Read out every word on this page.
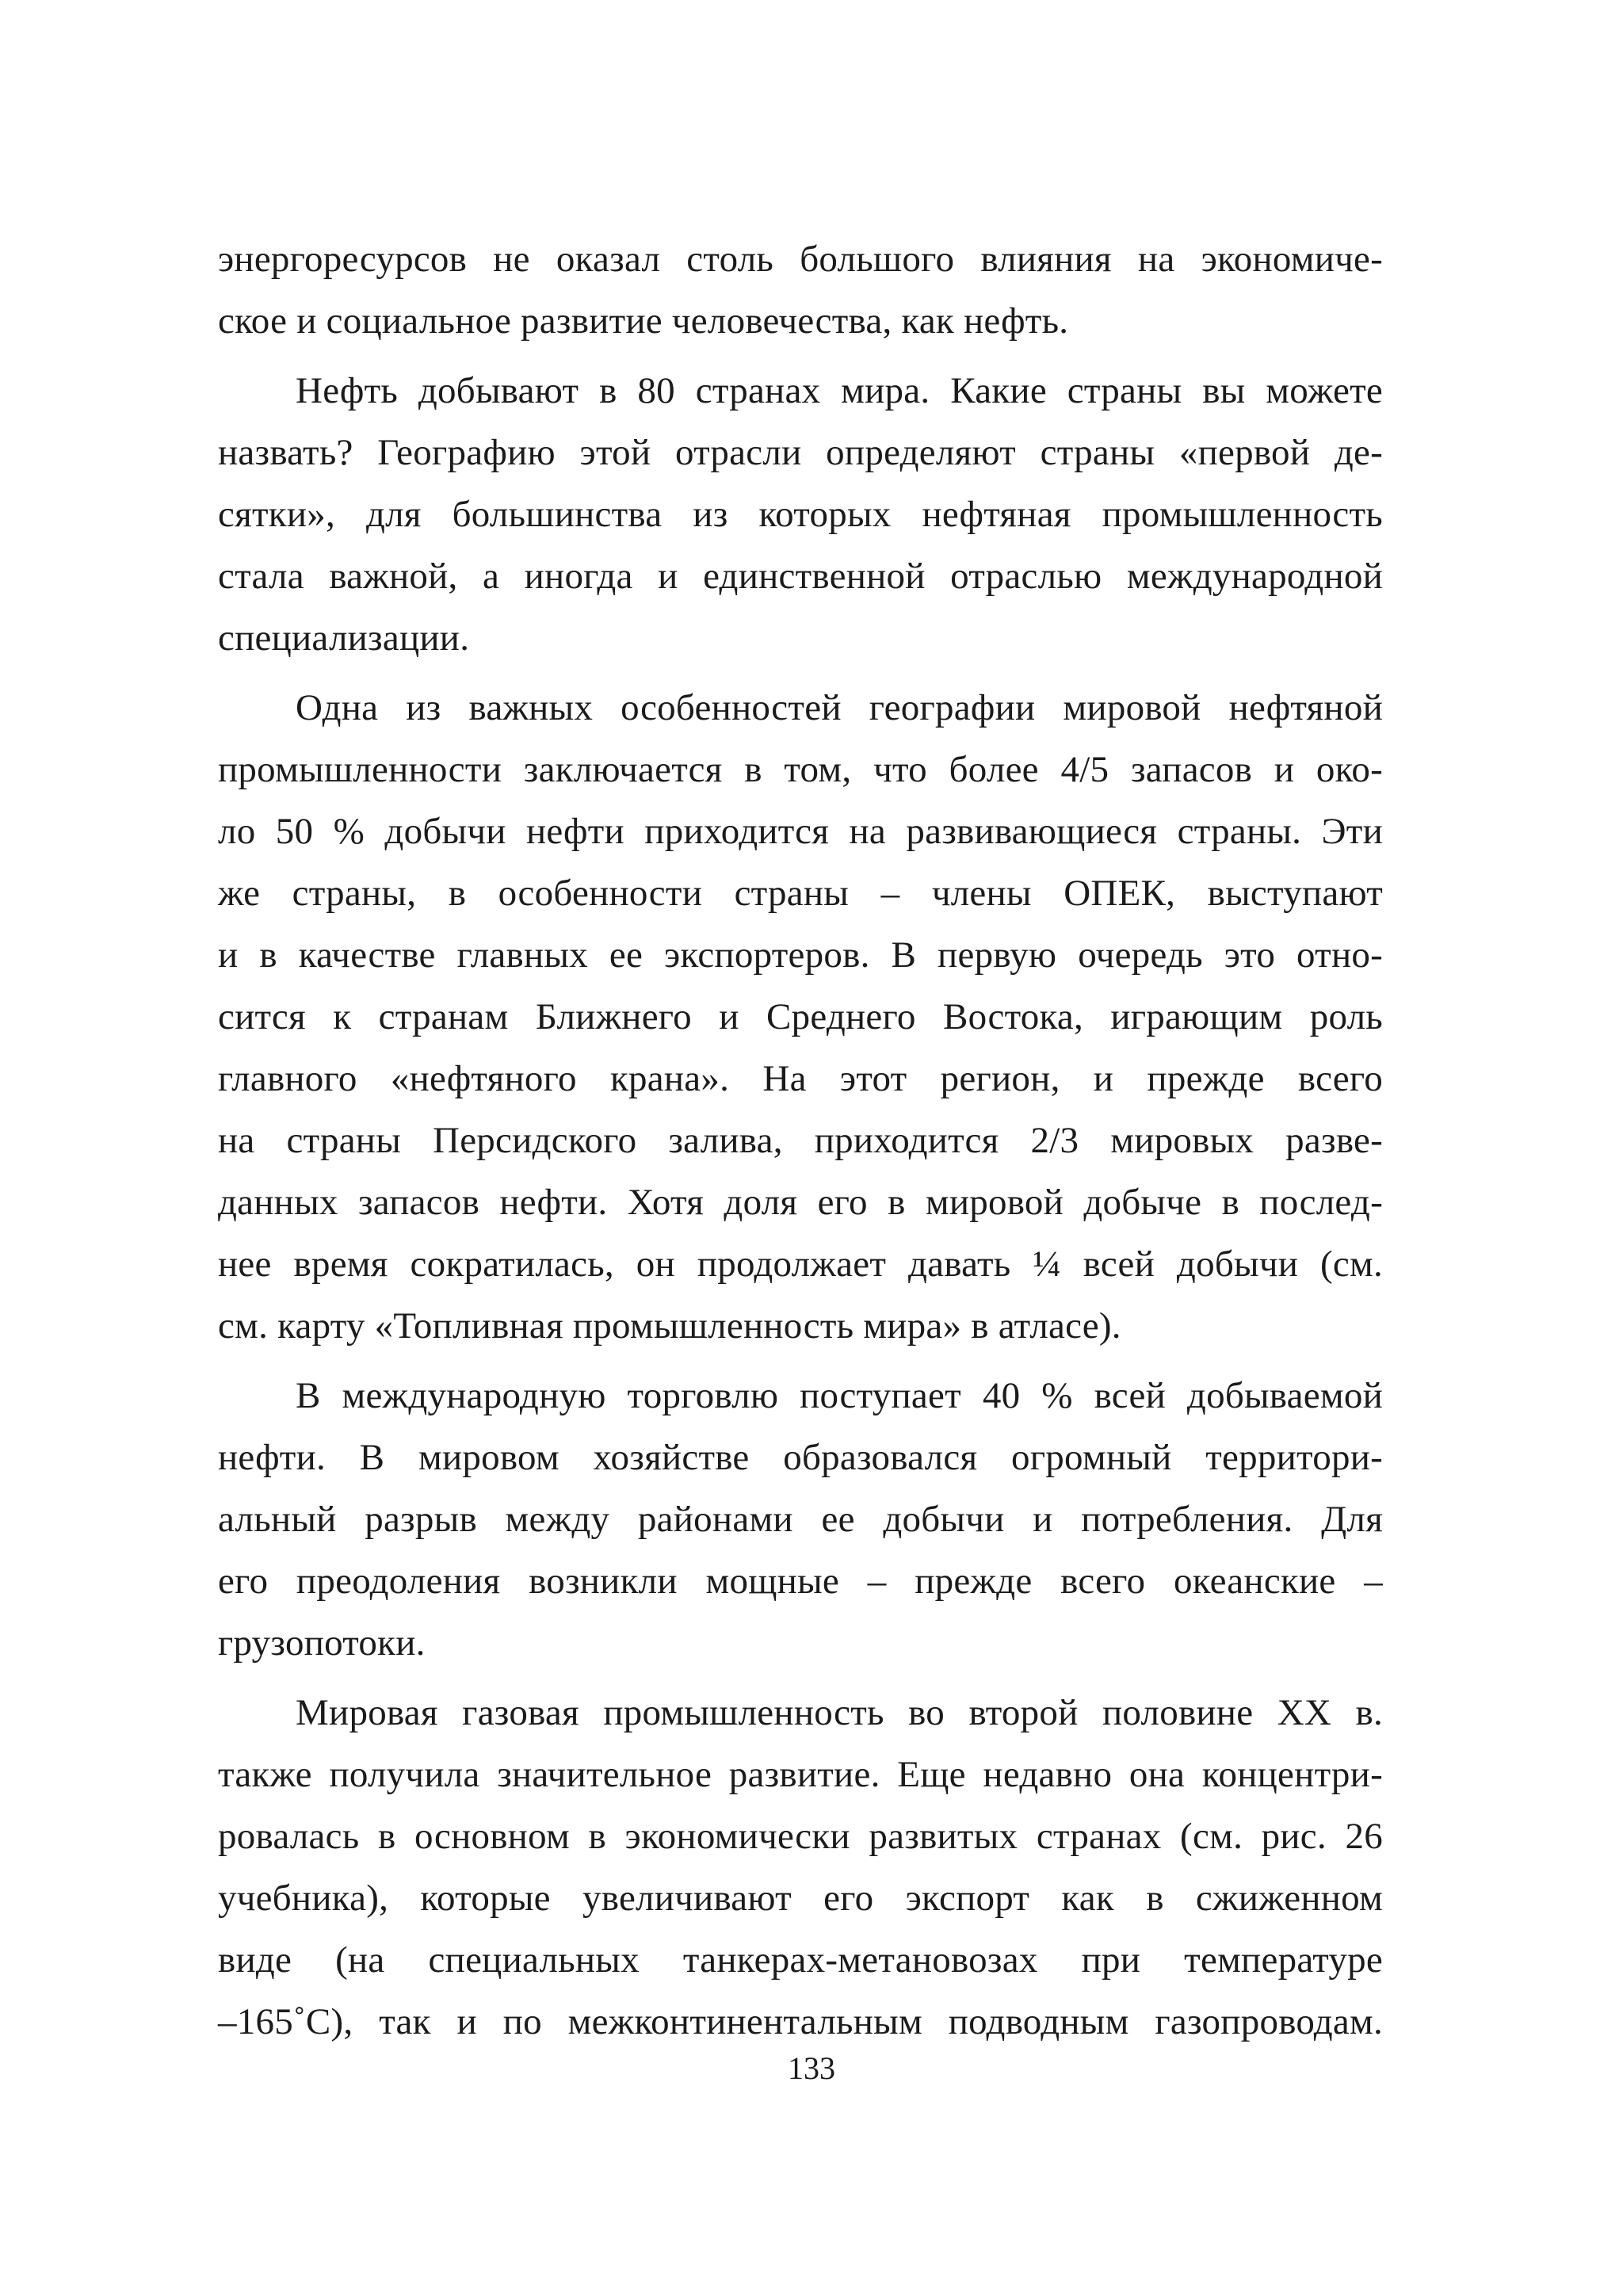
энергоресурсов не оказал столь большого влияния на экономиче-
ское и социальное развитие человечества, как нефть.

Нефть добывают в 80 странах мира. Какие страны вы можете
назвать? Географию этой отрасли определяют страны «первой де-
сятки», для большинства из которых нефтяная промышленность
стала важной, а иногда и единственной отраслью международной
специализации.

Одна из важных особенностей географии мировой нефтяной
промышленности заключается в том, что более 4/5 запасов и око-
ло 50 % добычи нефти приходится на развивающиеся страны. Эти
же страны, в особенности страны – члены ОПЕК, выступают
и в качестве главных ее экспортеров. В первую очередь это отно-
сится к странам Ближнего и Среднего Востока, играющим роль
главного «нефтяного крана». На этот регион, и прежде всего
на страны Персидского залива, приходится 2/3 мировых разве-
данных запасов нефти. Хотя доля его в мировой добыче в послед-
нее время сократилась, он продолжает давать ¼ всей добычи (см.
см. карту «Топливная промышленность мира» в атласе).

В международную торговлю поступает 40 % всей добываемой
нефти. В мировом хозяйстве образовался огромный территори-
альный разрыв между районами ее добычи и потребления. Для
его преодоления возникли мощные – прежде всего океанские –
грузопотоки.

Мировая газовая промышленность во второй половине XX в.
также получила значительное развитие. Еще недавно она концентри-
ровалась в основном в экономически развитых странах (см. рис. 26
учебника), которые увеличивают его экспорт как в сжиженном
виде (на специальных танкерах-метановозах при температуре
–165˚С), так и по межконтинентальным подводным газопроводам.

133
